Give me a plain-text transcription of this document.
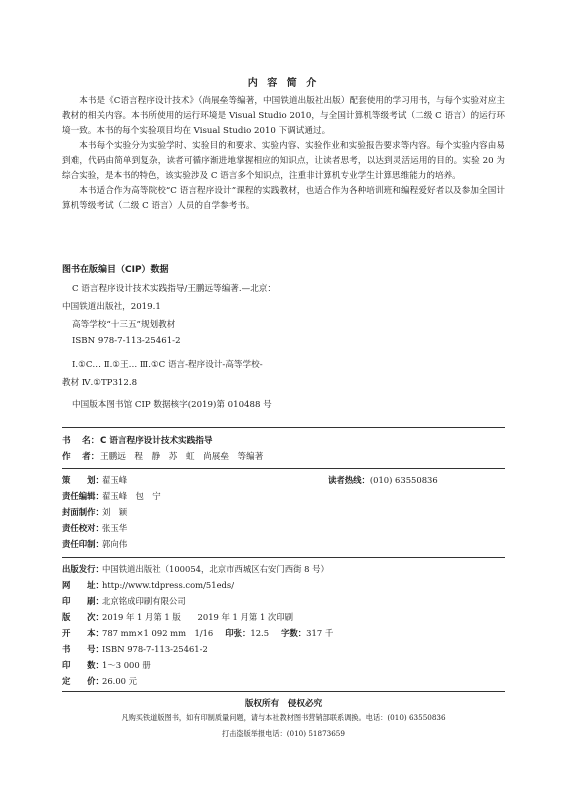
内 容 简 介

本书是《C语言程序设计技术》（尚展垒等编著，中国铁道出版社出版）配套使用的学习用书，与每个实验对应主教材的相关内容。本书所使用的运行环境是 Visual Studio 2010，与全国计算机等级考试（二级 C 语言）的运行环境一致。本书的每个实验项目均在 Visual Studio 2010 下调试通过。

本书每个实验分为实验学时、实验目的和要求、实验内容、实验作业和实验报告要求等内容。每个实验内容由易到难，代码由简单到复杂，读者可循序渐进地掌握相应的知识点，让读者思考，以达到灵活运用的目的。实验 20 为综合实验，是本书的特色，该实验涉及 C 语言多个知识点，注重非计算机专业学生计算思维能力的培养。

本书适合作为高等院校“C 语言程序设计”课程的实践教材，也适合作为各种培训班和编程爱好者以及参加全国计算机等级考试（二级 C 语言）人员的自学参考书。

图书在版编目（CIP）数据
C 语言程序设计技术实践指导/王鹏远等编著.—北京：
中国铁道出版社，2019.1
高等学校“十三五”规划教材
ISBN 978-7-113-25461-2
Ⅰ.①C… Ⅱ.①王… Ⅲ.①C 语言-程序设计-高等学校-
教材 Ⅳ.①TP312.8
中国版本图书馆 CIP 数据核字(2019)第 010488 号
书　 名：C 语言程序设计技术实践指导
作　 者：王鹏远　程　静　苏　虹　尚展垒　等编著
策　　划：翟玉峰	读者热线：(010) 63550836
责任编辑：翟玉峰　包　宁
封面制作：刘　颖
责任校对：张玉华
责任印制：郭向伟
出版发行：中国铁道出版社（100054，北京市西城区右安门西街 8 号）
网　　址：http://www.tdpress.com/51eds/
印　　刷：北京铭成印刷有限公司
版　　次：2019 年 1 月第 1 版　　2019 年 1 月第 1 次印刷
开　　本：787 mm×1 092 mm　1/16 印张：12.5 字数：317 千
书　　号：ISBN 978-7-113-25461-2
印　　数：1～3 000 册
定　　价：26.00 元
版权所有　侵权必究
凡购买铁道版图书，如有印制质量问题，请与本社教材图书营销部联系调换。电话：(010) 63550836
打击盗版举报电话：(010) 51873659
